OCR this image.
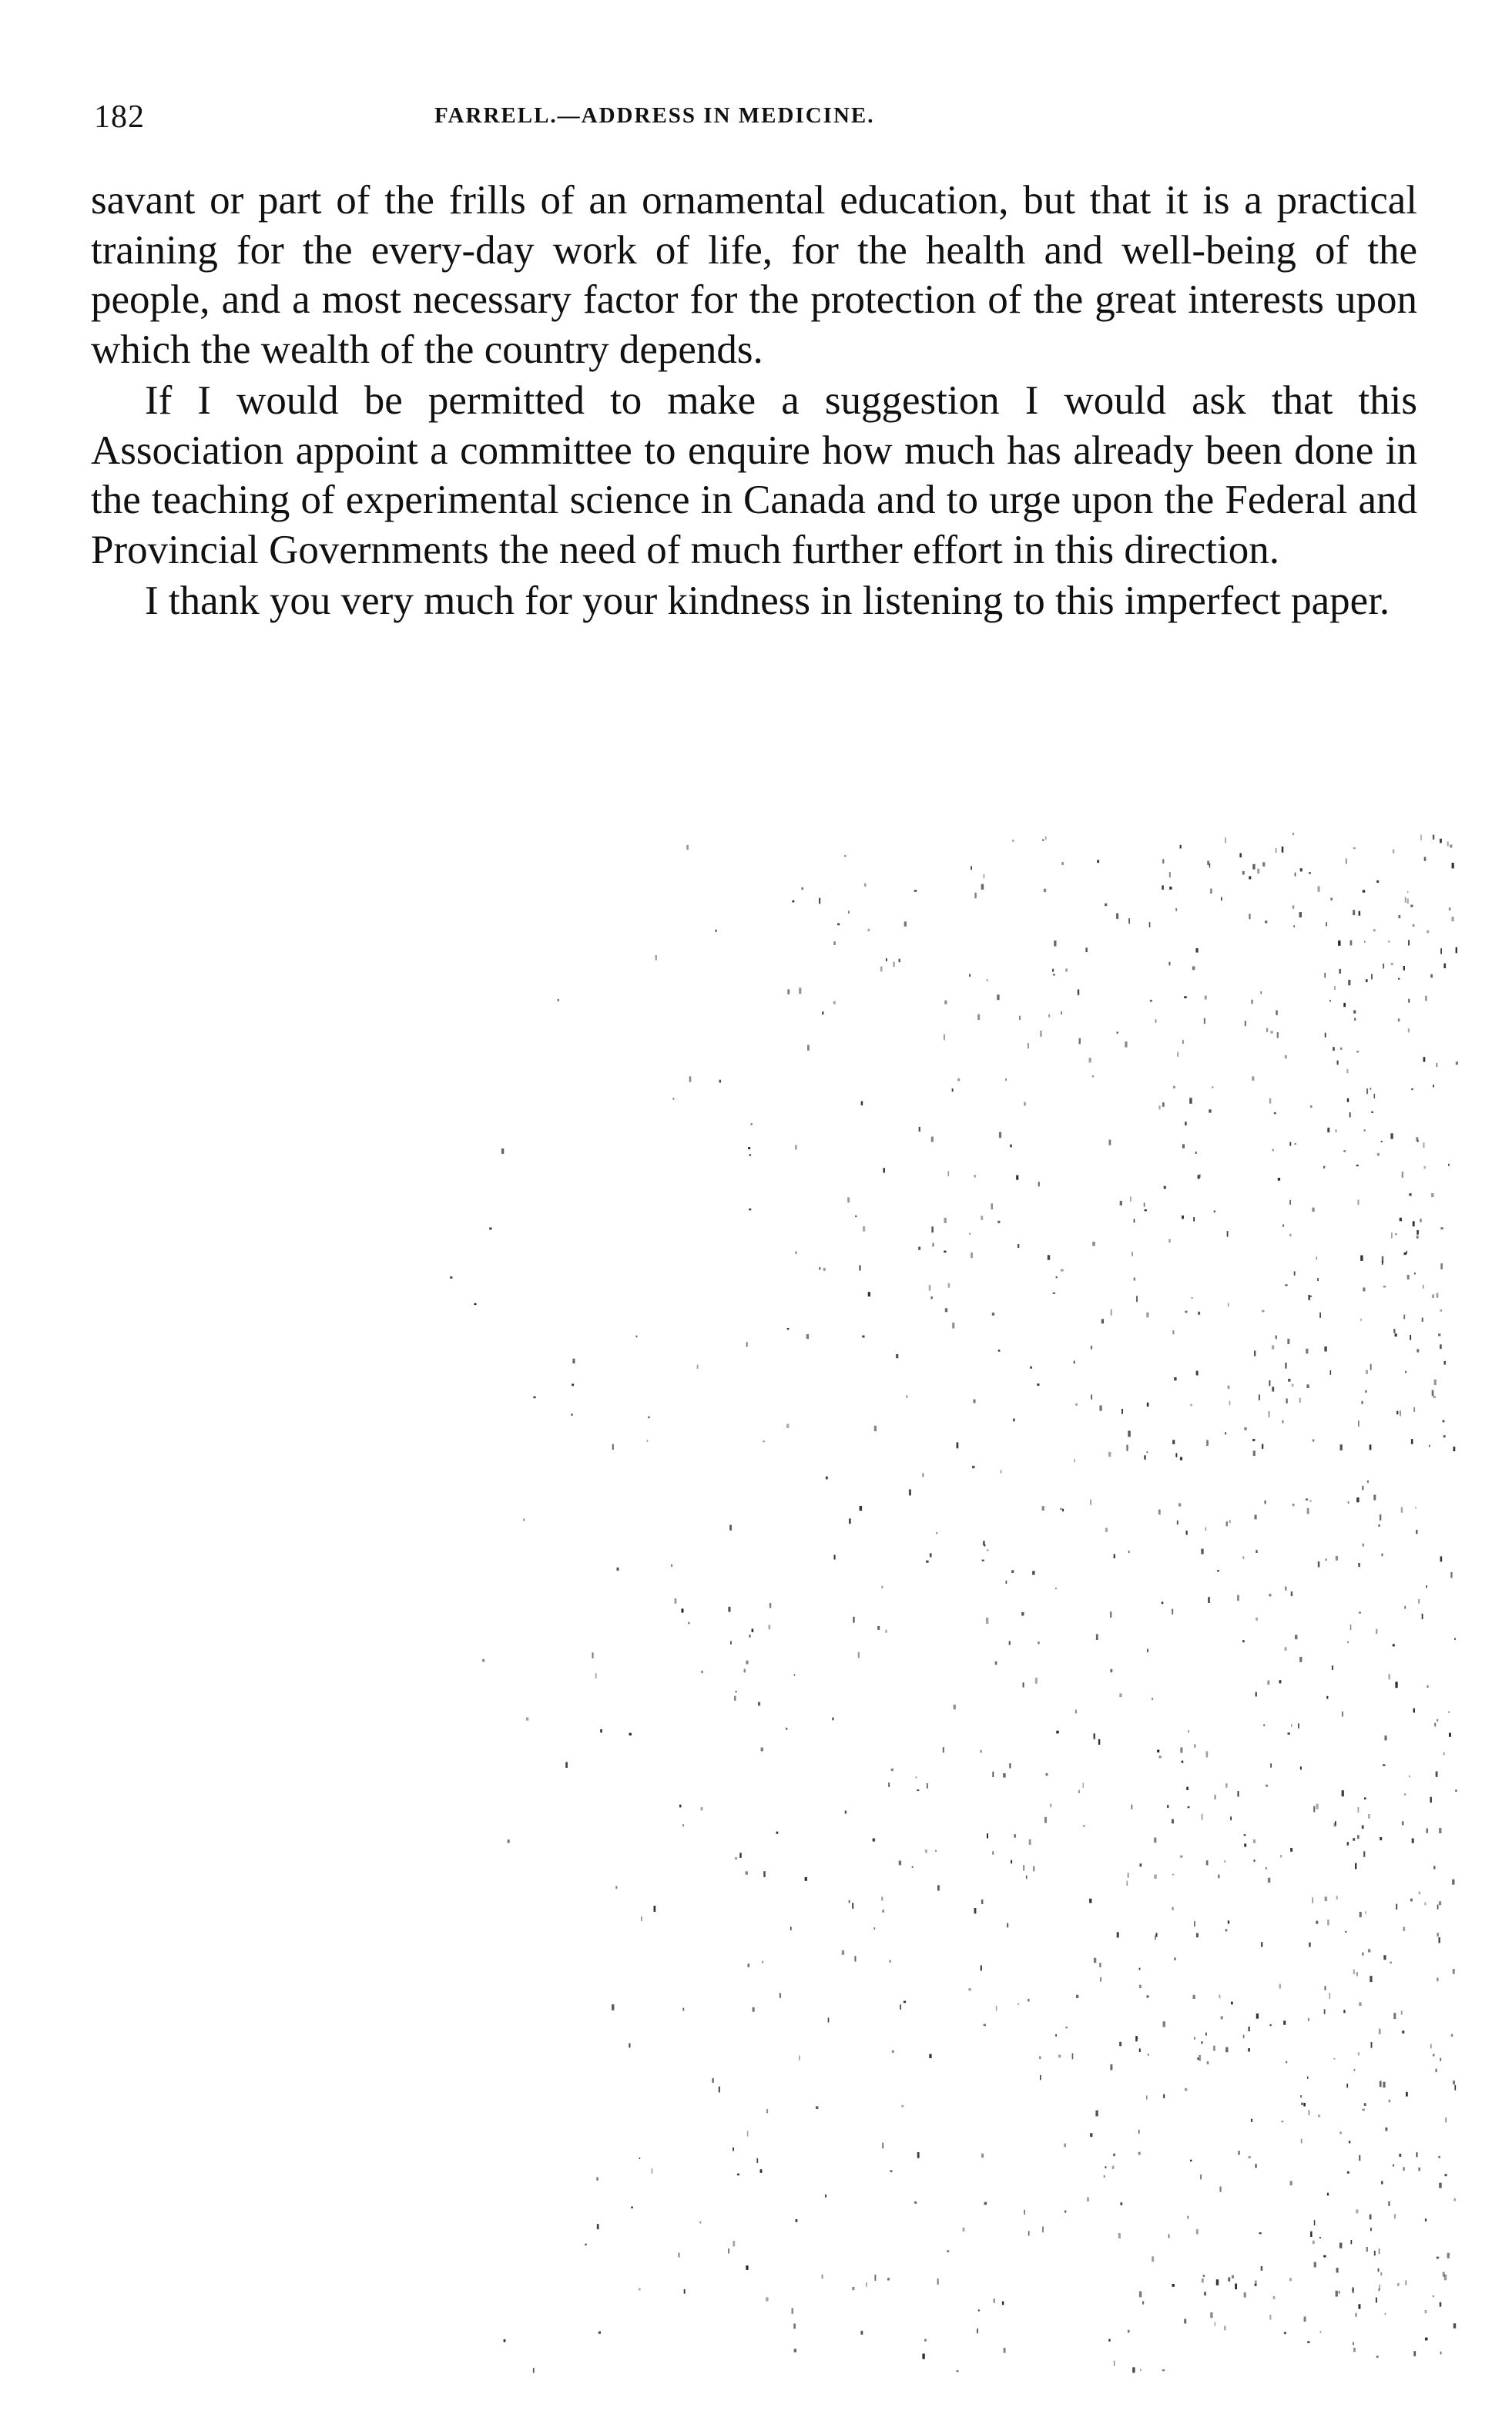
182	FARRELL.—ADDRESS IN MEDICINE.

savant or part of the frills of an ornamental education, but that it is a practical training for the every-day work of life, for the health and well-being of the people, and a most necessary factor for the protection of the great interests upon which the wealth of the country depends.

If I would be permitted to make a suggestion I would ask that this Association appoint a committee to enquire how much has already been done in the teaching of experimental science in Canada and to urge upon the Federal and Provincial Governments the need of much further effort in this direction.

I thank you very much for your kindness in listening to this imperfect paper.
